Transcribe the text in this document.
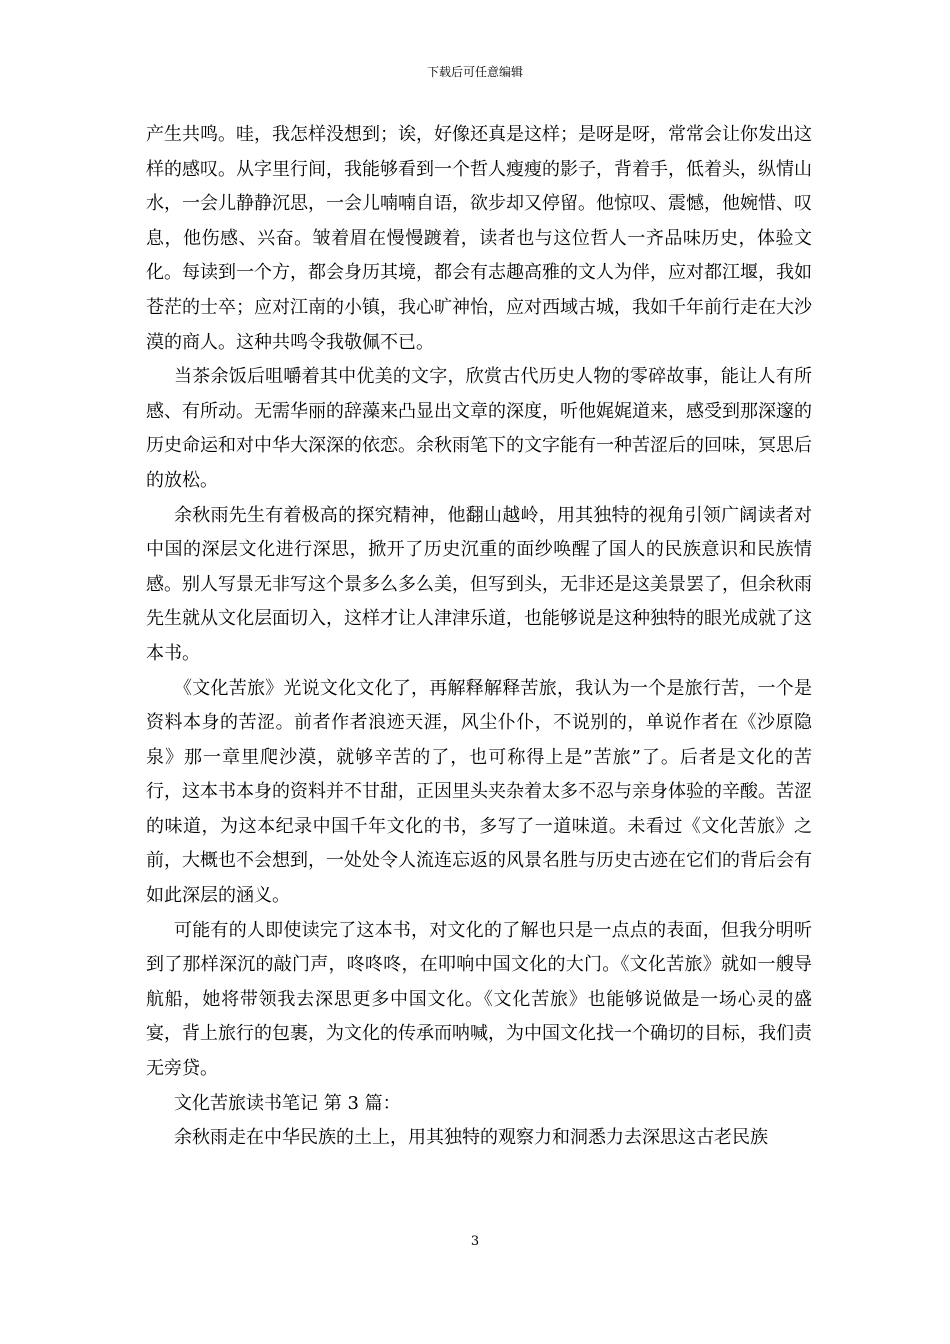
下载后可任意编辑

产生共鸣。哇，我怎样没想到；诶，好像还真是这样；是呀是呀，常常会让你发出这样的感叹。从字里行间，我能够看到一个哲人瘦瘦的影子，背着手，低着头，纵情山水，一会儿静静沉思，一会儿喃喃自语，欲步却又停留。他惊叹、震憾，他婉惜、叹息，他伤感、兴奋。皱着眉在慢慢踱着，读者也与这位哲人一齐品味历史，体验文化。每读到一个方，都会身历其境，都会有志趣高雅的文人为伴，应对都江堰，我如苍茫的士卒；应对江南的小镇，我心旷神怡，应对西域古城，我如千年前行走在大沙漠的商人。这种共鸣令我敬佩不已。

当茶余饭后咀嚼着其中优美的文字，欣赏古代历史人物的零碎故事，能让人有所感、有所动。无需华丽的辞藻来凸显出文章的深度，听他娓娓道来，感受到那深邃的历史命运和对中华大深深的依恋。余秋雨笔下的文字能有一种苦涩后的回味，冥思后的放松。

余秋雨先生有着极高的探究精神，他翻山越岭，用其独特的视角引领广阔读者对中国的深层文化进行深思，掀开了历史沉重的面纱唤醒了国人的民族意识和民族情感。别人写景无非写这个景多么多么美，但写到头，无非还是这美景罢了，但余秋雨先生就从文化层面切入，这样才让人津津乐道，也能够说是这种独特的眼光成就了这本书。

《文化苦旅》光说文化文化了，再解释解释苦旅，我认为一个是旅行苦，一个是资料本身的苦涩。前者作者浪迹天涯，风尘仆仆，不说别的，单说作者在《沙原隐泉》那一章里爬沙漠，就够辛苦的了，也可称得上是”苦旅”了。后者是文化的苦行，这本书本身的资料并不甘甜，正因里头夹杂着太多不忍与亲身体验的辛酸。苦涩的味道，为这本纪录中国千年文化的书，多写了一道味道。未看过《文化苦旅》之前，大概也不会想到，一处处令人流连忘返的风景名胜与历史古迹在它们的背后会有如此深层的涵义。

可能有的人即使读完了这本书，对文化的了解也只是一点点的表面，但我分明听到了那样深沉的敲门声，咚咚咚，在叩响中国文化的大门。《文化苦旅》就如一艘导航船，她将带领我去深思更多中国文化。《文化苦旅》也能够说做是一场心灵的盛宴，背上旅行的包裹，为文化的传承而呐喊，为中国文化找一个确切的目标，我们责无旁贷。

文化苦旅读书笔记 第 3 篇：

余秋雨走在中华民族的土上，用其独特的观察力和洞悉力去深思这古老民族

3
